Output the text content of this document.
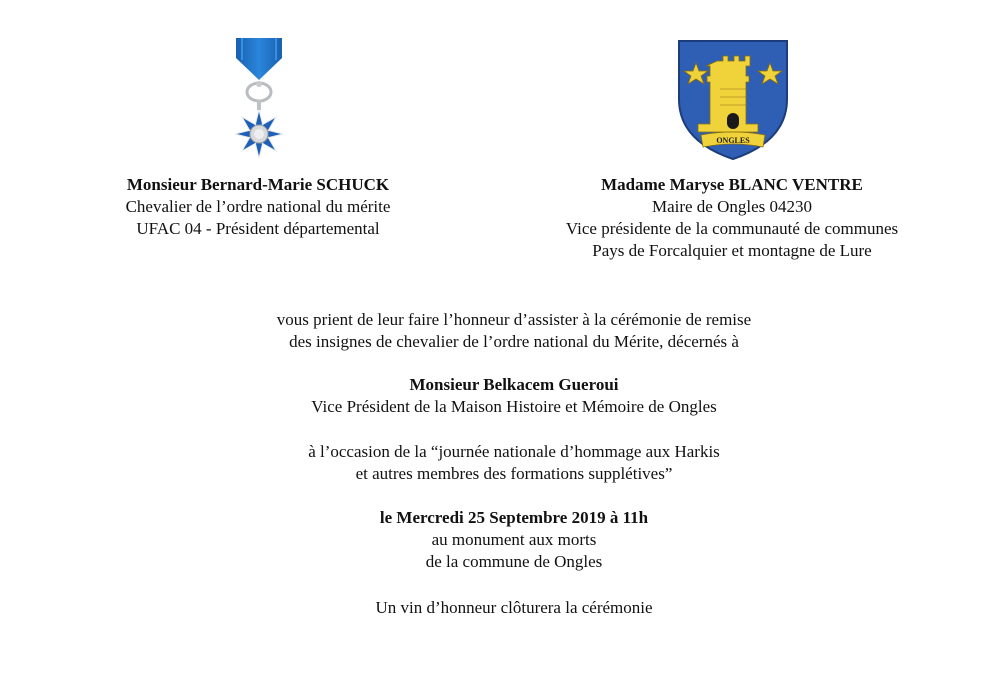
ONGLES
Monsieur Bernard-Marie SCHUCK
Chevalier de l’ordre national du mérite
UFAC 04 - Président départemental
Madame Maryse BLANC VENTRE
Maire de Ongles 04230
Vice présidente de la communauté de communes
Pays de Forcalquier et montagne de Lure
vous prient de leur faire l’honneur d’assister à la cérémonie de remise
des insignes de chevalier de l’ordre national du Mérite, décernés à
Monsieur Belkacem Gueroui
Vice Président de la Maison Histoire et Mémoire de Ongles
à l’occasion de la “journée nationale d’hommage aux Harkis
et autres membres des formations supplétives”
le Mercredi 25 Septembre 2019 à 11h
au monument aux morts
de la commune de Ongles
Un vin d’honneur clôturera la cérémonie
